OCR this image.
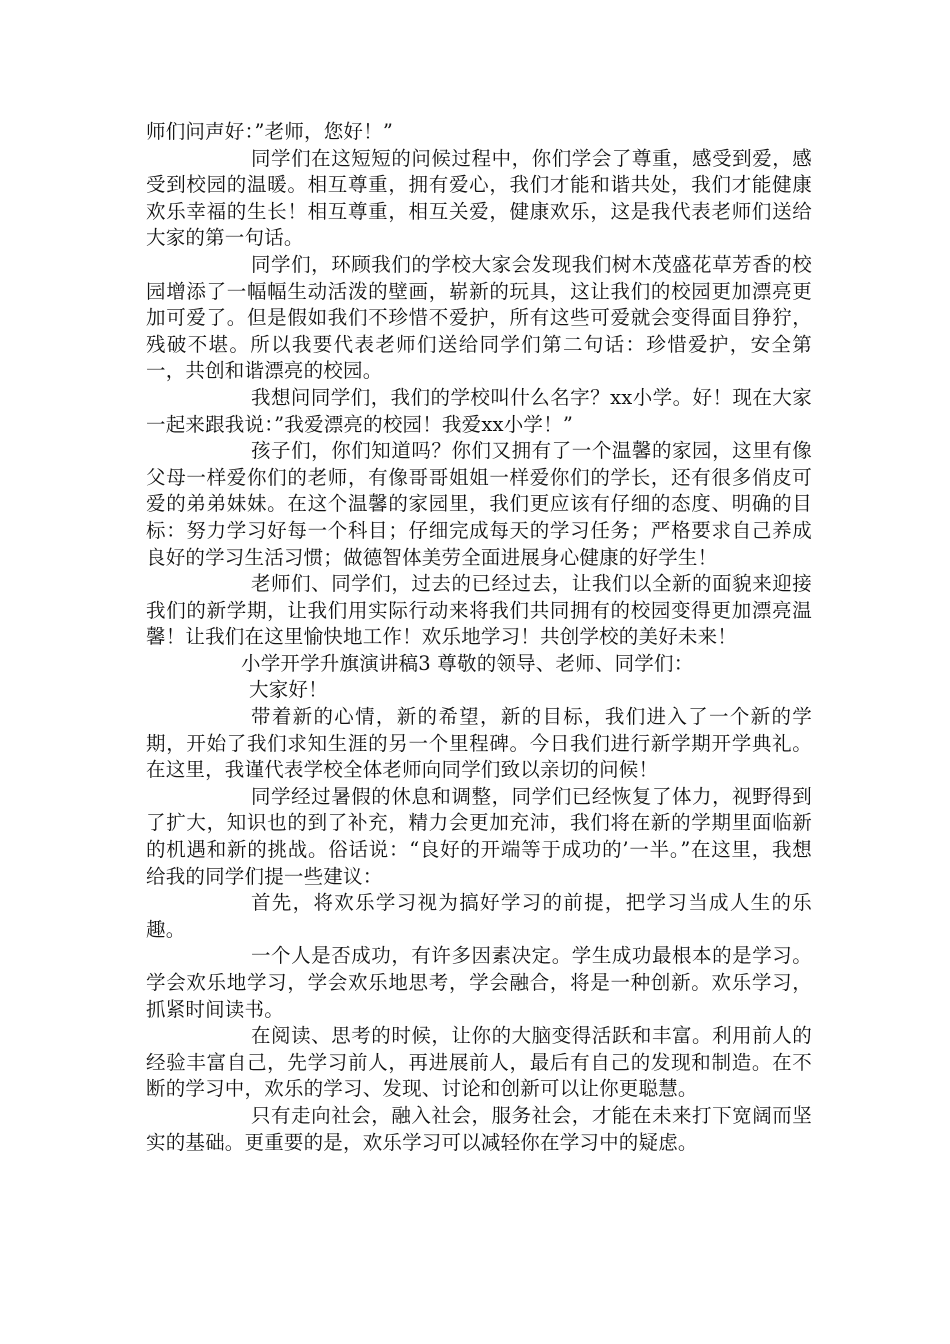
师们问声好：”老师，您好！”

同学们在这短短的问候过程中，你们学会了尊重，感受到爱，感受到校园的温暖。相互尊重，拥有爱心，我们才能和谐共处，我们才能健康欢乐幸福的生长！相互尊重，相互关爱，健康欢乐，这是我代表老师们送给大家的第一句话。

同学们，环顾我们的学校大家会发现我们树木茂盛花草芳香的校园增添了一幅幅生动活泼的壁画，崭新的玩具，这让我们的校园更加漂亮更加可爱了。但是假如我们不珍惜不爱护，所有这些可爱就会变得面目狰狞，残破不堪。所以我要代表老师们送给同学们第二句话：珍惜爱护，安全第一，共创和谐漂亮的校园。

我想问同学们，我们的学校叫什么名字？xx小学。好！现在大家一起来跟我说：”我爱漂亮的校园！我爱xx小学！”

孩子们，你们知道吗？你们又拥有了一个温馨的家园，这里有像父母一样爱你们的老师，有像哥哥姐姐一样爱你们的学长，还有很多俏皮可爱的弟弟妹妹。在这个温馨的家园里，我们更应该有仔细的态度、明确的目标：努力学习好每一个科目；仔细完成每天的学习任务；严格要求自己养成良好的学习生活习惯；做德智体美劳全面进展身心健康的好学生！

老师们、同学们，过去的已经过去，让我们以全新的面貌来迎接我们的新学期，让我们用实际行动来将我们共同拥有的校园变得更加漂亮温馨！让我们在这里愉快地工作！欢乐地学习！共创学校的美好未来！

小学开学升旗演讲稿3 尊敬的领导、老师、同学们：

大家好！

带着新的心情，新的希望，新的目标，我们进入了一个新的学期，开始了我们求知生涯的另一个里程碑。今日我们进行新学期开学典礼。在这里，我谨代表学校全体老师向同学们致以亲切的问候！

同学经过暑假的休息和调整，同学们已经恢复了体力，视野得到了扩大，知识也的到了补充，精力会更加充沛，我们将在新的学期里面临新的机遇和新的挑战。俗话说：“良好的开端等于成功的’一半。”在这里，我想给我的同学们提一些建议：

首先，将欢乐学习视为搞好学习的前提，把学习当成人生的乐趣。

一个人是否成功，有许多因素决定。学生成功最根本的是学习。学会欢乐地学习，学会欢乐地思考，学会融合，将是一种创新。欢乐学习，抓紧时间读书。

在阅读、思考的时候，让你的大脑变得活跃和丰富。利用前人的经验丰富自己，先学习前人，再进展前人，最后有自己的发现和制造。在不断的学习中，欢乐的学习、发现、讨论和创新可以让你更聪慧。

只有走向社会，融入社会，服务社会，才能在未来打下宽阔而坚实的基础。更重要的是，欢乐学习可以减轻你在学习中的疑虑。
